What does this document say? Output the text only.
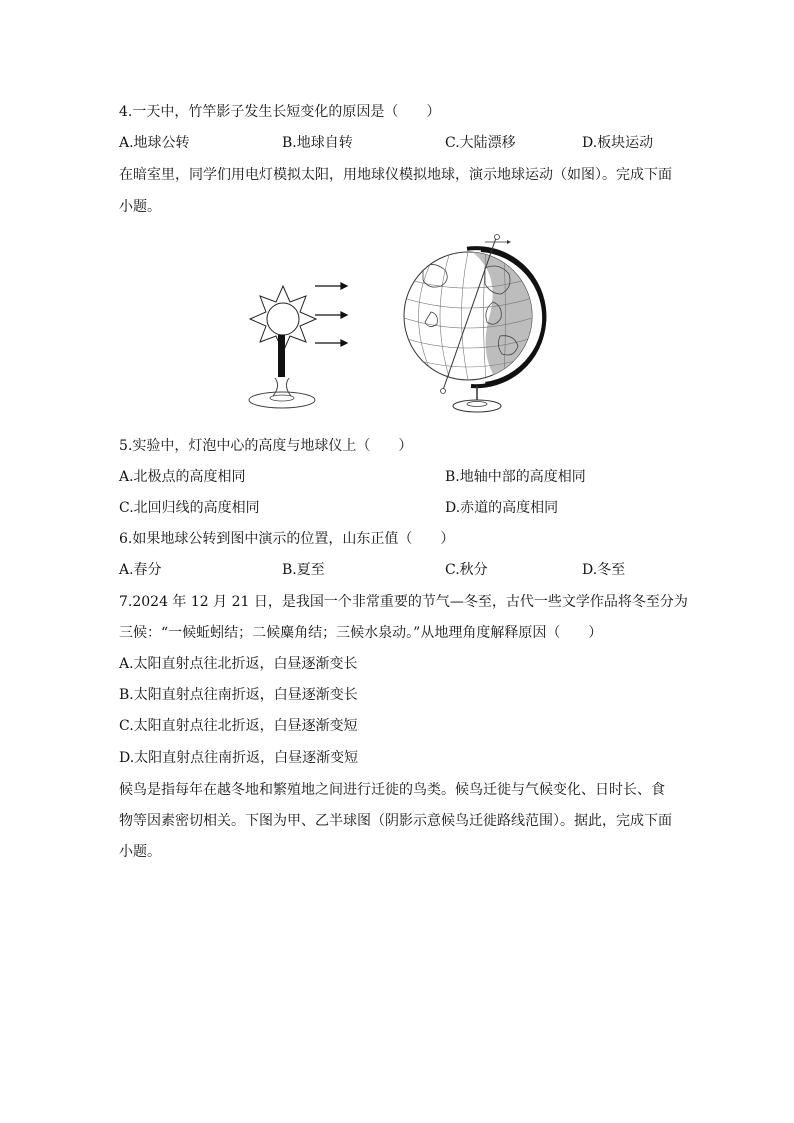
4.一天中，竹竿影子发生长短变化的原因是（　　）
A.地球公转	B.地球自转	C.大陆漂移	D.板块运动
在暗室里，同学们用电灯模拟太阳，用地球仪模拟地球，演示地球运动（如图）。完成下面
小题。
5.实验中，灯泡中心的高度与地球仪上（　　）
A.北极点的高度相同	B.地轴中部的高度相同
C.北回归线的高度相同	D.赤道的高度相同
6.如果地球公转到图中演示的位置，山东正值（　　）
A.春分	B.夏至	C.秋分	D.冬至
7.2024 年 12 月 21 日，是我国一个非常重要的节气—冬至，古代一些文学作品将冬至分为
三候：“一候蚯蚓结；二候麋角结；三候水泉动。”从地理角度解释原因（　　）
A.太阳直射点往北折返，白昼逐渐变长
B.太阳直射点往南折返，白昼逐渐变长
C.太阳直射点往北折返，白昼逐渐变短
D.太阳直射点往南折返，白昼逐渐变短
候鸟是指每年在越冬地和繁殖地之间进行迁徙的鸟类。候鸟迁徙与气候变化、日时长、食
物等因素密切相关。下图为甲、乙半球图（阴影示意候鸟迁徙路线范围）。据此，完成下面
小题。
